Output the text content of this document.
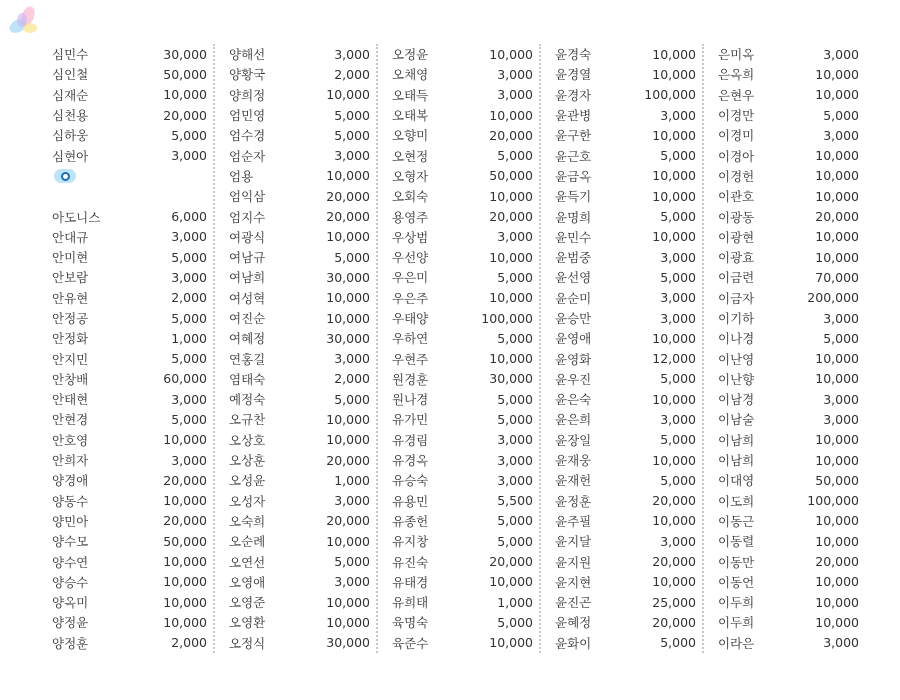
심민수	30,000
심인철	50,000
심재순	10,000
심천용	20,000
심하웅	5,000
심현아	3,000
아도니스	6,000
안대규	3,000
안미현	5,000
안보람	3,000
안유현	2,000
안정공	5,000
안정화	1,000
안지민	5,000
안창배	60,000
안태현	3,000
안현경	5,000
안호영	10,000
안희자	3,000
양경애	20,000
양동수	10,000
양민아	20,000
양수모	50,000
양수연	10,000
양승수	10,000
양옥미	10,000
양정윤	10,000
양정훈	2,000
양해선	3,000
양황국	2,000
양희정	10,000
엄민영	5,000
엄수경	5,000
엄순자	3,000
엄용	10,000
엄익삼	20,000
엄지수	20,000
여광식	10,000
여남규	5,000
여남희	30,000
여성혁	10,000
여진순	10,000
여혜정	30,000
연홍길	3,000
염태숙	2,000
예정숙	5,000
오규찬	10,000
오상호	10,000
오상훈	20,000
오성윤	1,000
오성자	3,000
오숙희	20,000
오순례	10,000
오연선	5,000
오영애	3,000
오영준	10,000
오영환	10,000
오정식	30,000
오정윤	10,000
오채영	3,000
오태득	3,000
오태복	10,000
오향미	20,000
오현정	5,000
오형자	50,000
오회숙	10,000
용영주	20,000
우상범	3,000
우선양	10,000
우은미	5,000
우은주	10,000
우태양	100,000
우하연	5,000
우현주	10,000
원경훈	30,000
원나경	5,000
유가민	5,000
유경림	3,000
유경옥	3,000
유승숙	3,000
유용민	5,500
유종헌	5,000
유지창	5,000
유진숙	20,000
유태경	10,000
유희태	1,000
육명숙	5,000
육준수	10,000
윤경숙	10,000
윤경열	10,000
윤경자	100,000
윤관병	3,000
윤구한	10,000
윤근호	5,000
윤금옥	10,000
윤득기	10,000
윤명희	5,000
윤민수	10,000
윤범중	3,000
윤선영	5,000
윤순미	3,000
윤승만	3,000
윤영애	10,000
윤영화	12,000
윤우진	5,000
윤은숙	10,000
윤은희	3,000
윤장일	5,000
윤재웅	10,000
윤재헌	5,000
윤정훈	20,000
윤주필	10,000
윤지달	3,000
윤지원	20,000
윤지현	10,000
윤진곤	25,000
윤혜정	20,000
윤화이	5,000
은미옥	3,000
은옥희	10,000
은현우	10,000
이경만	5,000
이경미	3,000
이경아	10,000
이경헌	10,000
이관호	10,000
이광동	20,000
이광현	10,000
이광효	10,000
이금련	70,000
이금자	200,000
이기하	3,000
이나경	5,000
이난영	10,000
이난향	10,000
이남경	3,000
이남술	3,000
이남희	10,000
이남희	10,000
이대영	50,000
이도희	100,000
이동근	10,000
이동렬	10,000
이동만	20,000
이동언	10,000
이두희	10,000
이두희	10,000
이라은	3,000
